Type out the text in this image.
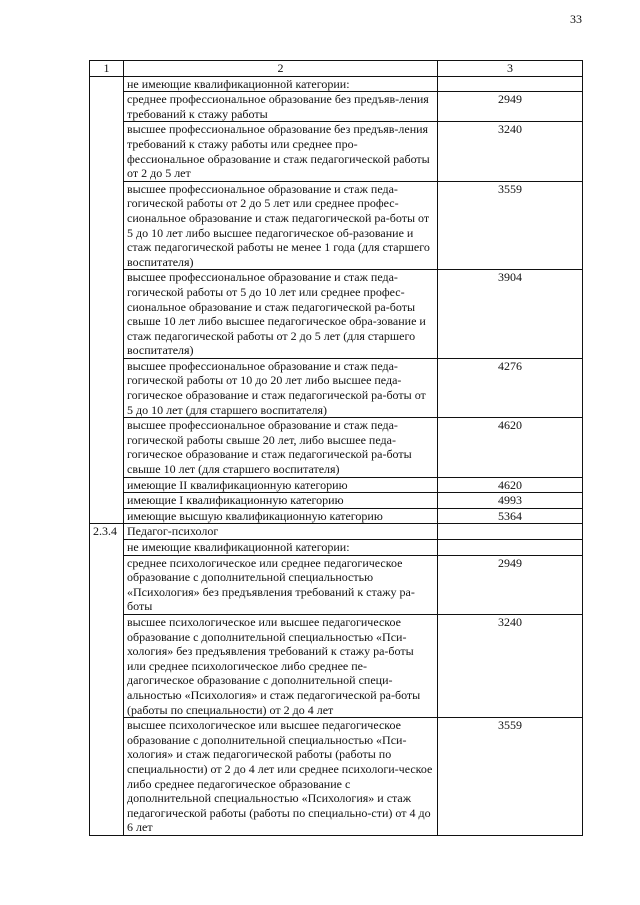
33
1	2	3
	не имеющие квалификационной категории:	
	среднее профессиональное образование без предъяв-ления требований к стажу работы	2949
	высшее профессиональное образование без предъяв-ления требований к стажу работы или среднее про-фессиональное образование и стаж педагогической работы от 2 до 5 лет	3240
	высшее профессиональное образование и стаж педа-гогической работы от 2 до 5 лет или среднее профес-сиональное образование и стаж педагогической ра-боты от 5 до 10 лет либо высшее педагогическое об-разование и стаж педагогической работы не менее 1 года (для старшего воспитателя)	3559
	высшее профессиональное образование и стаж педа-гогической работы от 5 до 10 лет или среднее профес-сиональное образование и стаж педагогической ра-боты свыше 10 лет либо высшее педагогическое обра-зование и стаж педагогической работы от 2 до 5 лет (для старшего воспитателя)	3904
	высшее профессиональное образование и стаж педа-гогической работы от 10 до 20 лет либо высшее педа-гогическое образование и стаж педагогической ра-боты от 5 до 10 лет (для старшего воспитателя)	4276
	высшее профессиональное образование и стаж педа-гогической работы свыше 20 лет, либо высшее педа-гогическое образование и стаж педагогической ра-боты свыше 10 лет (для старшего воспитателя)	4620
	имеющие II квалификационную категорию	4620
	имеющие I квалификационную категорию	4993
	имеющие высшую квалификационную категорию	5364
2.3.4	Педагог-психолог	
	не имеющие квалификационной категории:	
	среднее психологическое или среднее педагогическое образование с дополнительной специальностью «Психология» без предъявления требований к стажу ра-боты	2949
	высшее психологическое или высшее педагогическое образование с дополнительной специальностью «Пси-хология» без предъявления требований к стажу ра-боты или среднее психологическое либо среднее пе-дагогическое образование с дополнительной специ-альностью «Психология» и стаж педагогической ра-боты (работы по специальности) от 2 до 4 лет	3240
	высшее психологическое или высшее педагогическое образование с дополнительной специальностью «Пси-хология» и стаж педагогической работы (работы по специальности) от 2 до 4 лет или среднее психологи-ческое либо среднее педагогическое образование с дополнительной специальностью «Психология» и стаж педагогической работы (работы по специально-сти) от 4 до 6 лет	3559
